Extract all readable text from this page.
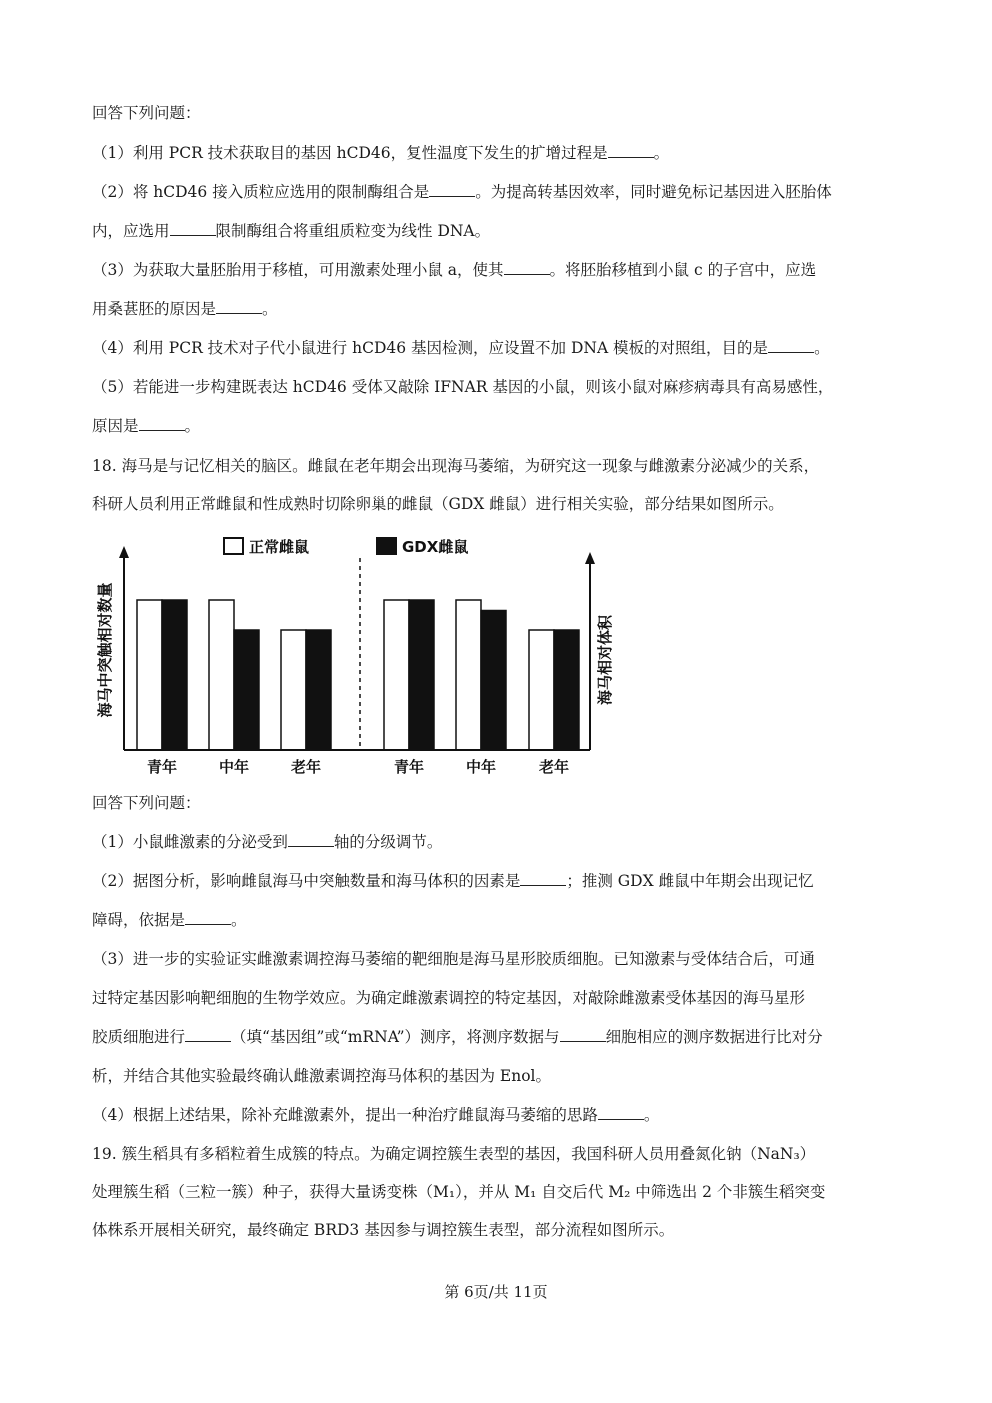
回答下列问题：
（1）利用 PCR 技术获取目的基因 hCD46，复性温度下发生的扩增过程是	。
（2）将 hCD46 接入质粒应选用的限制酶组合是	。为提高转基因效率，同时避免标记基因进入胚胎体
内，应选用	限制酶组合将重组质粒变为线性 DNA。
（3）为获取大量胚胎用于移植，可用激素处理小鼠 a，使其	。将胚胎移植到小鼠 c 的子宫中，应选
用桑葚胚的原因是	。
（4）利用 PCR 技术对子代小鼠进行 hCD46 基因检测，应设置不加 DNA 模板的对照组，目的是	。
（5）若能进一步构建既表达 hCD46 受体又敲除 IFNAR 基因的小鼠，则该小鼠对麻疹病毒具有高易感性，
原因是	。
18. 海马是与记忆相关的脑区。雌鼠在老年期会出现海马萎缩，为研究这一现象与雌激素分泌减少的关系，
科研人员利用正常雌鼠和性成熟时切除卵巢的雌鼠（GDX 雌鼠）进行相关实验，部分结果如图所示。
正常雌鼠	GDX雌鼠
青年	中年	老年	青年	中年	老年
海马中突触相对数量	海马相对体积
回答下列问题：
（1）小鼠雌激素的分泌受到	轴的分级调节。
（2）据图分析，影响雌鼠海马中突触数量和海马体积的因素是	；推测 GDX 雌鼠中年期会出现记忆
障碍，依据是	。
（3）进一步的实验证实雌激素调控海马萎缩的靶细胞是海马星形胶质细胞。已知激素与受体结合后，可通
过特定基因影响靶细胞的生物学效应。为确定雌激素调控的特定基因，对敲除雌激素受体基因的海马星形
胶质细胞进行	（填“基因组”或“mRNA”）测序，将测序数据与	细胞相应的测序数据进行比对分
析，并结合其他实验最终确认雌激素调控海马体积的基因为 Enol。
（4）根据上述结果，除补充雌激素外，提出一种治疗雌鼠海马萎缩的思路	。
19. 簇生稻具有多稻粒着生成簇的特点。为确定调控簇生表型的基因，我国科研人员用叠氮化钠（NaN₃）
处理簇生稻（三粒一簇）种子，获得大量诱变株（M₁），并从 M₁ 自交后代 M₂ 中筛选出 2 个非簇生稻突变
体株系开展相关研究，最终确定 BRD3 基因参与调控簇生表型，部分流程如图所示。
第 6页/共 11页
